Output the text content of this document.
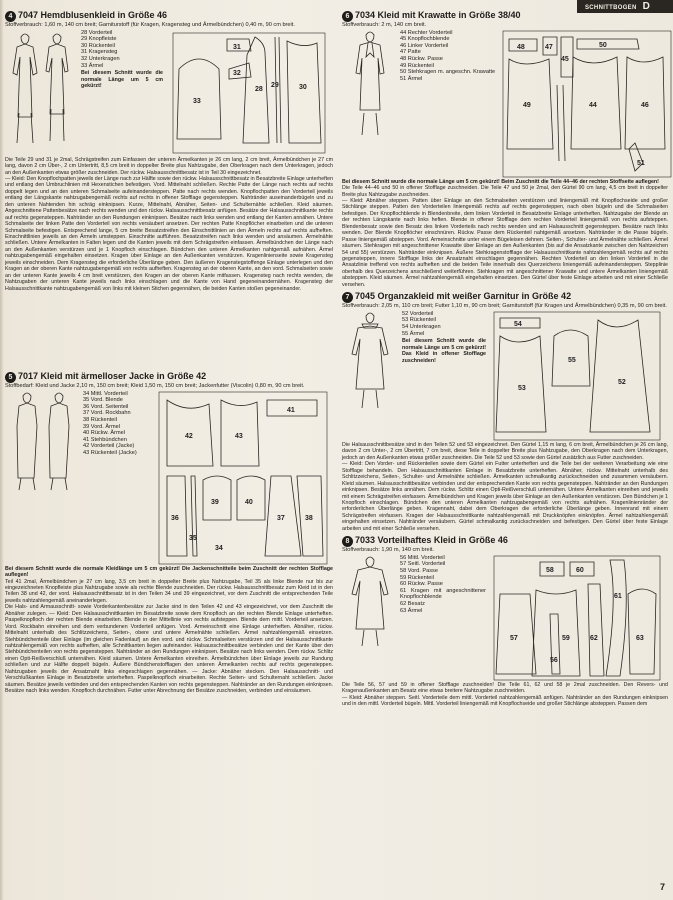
SCHNITTBOGEN D
4 7047 Hemdblusenkleid in Größe 46
Stoffverbrauch: 1,60 m, 140 cm breit; Garniturstoff (für Kragen, Kragensteg und Ärmelbündchen) 0,40 m, 90 cm breit.
28 Vorderteil
29 Knopfleiste
30 Rückenteil
31 Kragensteg
32 Unterkragen
33 Ärmel
Bei diesem Schnitt wurde die normale Länge um 5 cm gekürzt!
33
31
28
29	30
32
Die Teile 29 und 31 je 2mal, Schrägstreifen zum Einfassen der unteren Ärmelkanten je 26 cm lang, 2 cm breit, Ärmelbündchen je 27 cm lang, davon 2 cm Über-, 2 cm Untertritt, 8,5 cm breit in doppelter Breite plus Nahtzugabe, den Oberkragen nach dem Unterkragen, jedoch an den Außenkanten etwas größer zuschneiden. Der rückw. Halsausschnittbesatz ist in Teil 30 eingezeichnet.
— Kleid: Den Knopflochpatten jeweils der Länge nach zur Hälfte sowie den rückw. Halsausschnittbesatz in Besatzbreite Einlage unterheften und entlang den Umbruchlinien mit Hexenstichen befestigen. Vord. Mittelnaht schließen. Rechte Patte der Länge nach rechts auf rechts doppelt legen und an den unteren Schmalseite aufeinandersteppen. Patte nach rechts wenden. Knopflochpatten den Vorderteil jeweils entlang der Längskante nahtzugabengemäß rechts auf rechts in offener Stofflage gegensteppen. Nahtränder auseinanderbügeln und zu den unteren Nahtenden hin schräg einknipsen. Kurze, Mittelnaht, Abnäher, Seiten- und Schulternähte schließen. Kleid säumen. Angeschnittene Pattenbesätze nach rechts wenden und den rückw. Halsausschnittbesatz anfügen. Besätze der Halsausschnittkante rechts auf rechts gegensteppen. Nahtränder an den Rundungen einknipsen. Besätze nach links wenden und entlang der Kanten annähen. Untere Schmalseite der linken Patte den Vorderteil von rechts versäubert ansetzen. Der rechten Patte Knopflöcher einarbeiten und die unteren Schmalseite befestigen. Entsprechend lange, 5 cm breite Besatzstreifen den Einschnittlinien an den Ärmeln rechts auf rechts aufheften. Einschnittlinien jeweils an den Ärmeln umsteppen. Einschnitte aufführen. Besatzstreifen nach links wenden und ansäumen. Ärmelnähte schließen. Untere Ärmelkanten in Falten legen und die Kanten jeweils mit dem Schrägstreifen einfassen. Ärmelbündchen der Länge nach an den Außenkanten verstürzen und je 1 Knopfloch einschlagen. Bündchen den unteren Ärmelkanten nahtgemäß aufnähen. Ärmel nahtzugabengemäß eingehalten einsetzen. Kragen über Einlage an den Außenkanten verstürzen. Kragenlinienseite sowie Kragensteg jeweils einschneiden. Dem Kragensteg die erforderliche Überlänge geben. Den äußeren Kragenstegstoffenge Einlage unterlegen und den Kragen an der oberen Kante nahtzugabengemäß von rechts aufheften. Kragensteg an der oberen Kante, an den vord. Schmalseiten sowie an der unteren Kante jeweils 4 cm breit verstürzen, den Kragen an der oberen Kante mitfassen. Kragensteg nach rechts wenden, die Nahtzugaben der unteren Kante jeweils nach links einschlagen und die Kante von Hand gegeneinandernähen. Kragensteg der Halsausschnittkante nahtzugabengemäß von links mit kleinen Stichen gegennähen, die beiden Kanten stoßen gegeneinander.
5 7017 Kleid mit ärmelloser Jacke in Größe 42
Stoffbedarf: Kleid und Jacke 2,10 m, 150 cm breit; Kleid 1,50 m, 150 cm breit; Jackenfutter (Viscolin) 0,80 m, 90 cm breit.
34 Mittl. Vorderteil
35 Vord. Blende
36 Vord. Seitenteil
37 Vord. Rockbahn
38 Rückenteil
39 Vord. Ärmel
40 Rückw. Ärmel
41 Stehbündchen
42 Vorderteil (Jacke)
43 Rückenteil (Jacke)
42	43
41
36
35
39	40
37	38
34
Bei diesem Schnitt wurde die normale Kleidlänge um 5 cm gekürzt! Die Jackenschnitteile beim Zuschnitt der rechten Stofflage auflegen!
Teil 41 2mal, Ärmelbündchen je 27 cm lang, 3,5 cm breit in doppelter Breite plus Nahtzugabe, Teil 35 als linke Blende nur bis zur eingezeichneten Knopfleiste plus Nahtzugabe sowie als rechte Blende zuschneiden. Der rückw. Halsausschnittbesatz zum Kleid ist in den Teilen 38 und 42, der vord. Halsausschnittbesatz ist in den Teilen 34 und 39 eingezeichnet, vor dem Zuschnitt die entsprechenden Teile jeweils nahtzahlengemäß aneinanderlegen.
Die Hals- und Armausschnitt- sowie Vorderkantenbesätze zur Jacke sind in den Teilen 42 und 43 eingezeichnet, vor dem Zuschnitt die Abnäher zulegen. — Kleid: Den Halsausschnittkanten im Besatzbreite sowie dem Knopfloch an der rechten Blende Einlage unterheften. Paspelknopfloch der rechten Blende einarbeiten. Blende in der Mittellinie von rechts aufsteppen. Blende dem mittl. Vorderteil ansetzen. Vord. Rockbahn einreihen und dem verbundenen Vorderteil anfügen. Vord. Armeinschnitt eine Einlage unterheften. Abnäher, rückw. Mittelnaht unterhalb des Schlitzzeichens, Seiten-, obere und untere Ärmelnähte schließen. Ärmel nahtzahlengemäß einsetzen. Stehbündchenteile über Einlage (im gleichen Fadenlauf) an den vord. und rückw. Schmalseiten verstürzen und der Halsausschnittkante nahtzahlengemäß von rechts aufheften, alle Schnittkanten liegen aufeinander. Halsausschnittbesätze verbinden und der Kante über den Stehbündchenteilen von rechts gegensteppen. Nahtränder an den Rundungen einknipsen. Besätze nach links wenden. Dem rückw. Schlitz einen Opti-Reißverschluß unternähen. Kleid säumen. Untere Ärmelkanten einreihen. Ärmelbündchen über Einlage jeweils zur Rundung schließen und zur Hälfte doppelt bügeln. Äußere Bündchenstofflagen den unteren Ärmelkanten rechts auf rechts gegensteppen. Nahtzugaben jeweils der Ansatznaht links eingeschlagen gegennähen. — Jacke: Abnäher stecken. Den Halsausschnitt- und Verschlußkanten Einlage in Besatzbreite unterheften. Paspelknopfloch einarbeiten. Rechte Seiten- und Schulternaht schließen. Jacke säumen. Besätze jeweils verbinden und den entsprechenden Kanten von rechts gegensteppen. Nahtränder an den Rundungen einknipsen. Besätze nach links wenden. Knopfloch durchnähen. Futter unter Abrechnung der Besätze zuschneiden, verbinden und einsäumen.
6 7034 Kleid mit Krawatte in Größe 38/40
Stoffverbrauch: 2 m, 140 cm breit.
44 Rechter Vorderteil
45 Knopflochblende
46 Linker Vorderteil
47 Patte
48 Rückw. Passe
49 Rückenteil
50 Stehkragen m. angeschn. Krawatte
51 Ärmel
48	47
45
50
49	44	46
51
Bei diesem Schnitt wurde die normale Länge um 5 cm gekürzt! Beim Zuschnitt die Teile 44–46 der rechten Stoffseite auflegen!
Die Teile 44–46 und 50 in offener Stofflage zuschneiden. Die Teile 47 und 50 je 2mal, den Gürtel 90 cm lang, 4,5 cm breit in doppelter Breite plus Nahtzugabe zuschneiden.
— Kleid: Abnäher steppen. Patten über Einlage an den Schmalseiten verstürzen und liniengemäß mit Knopflochseide und großer Stichlänge steppen. Patten den Vorderteilen liniengemäß rechts auf rechts gegensteppen, nach oben bügeln und die Schmalseiten befestigen. Der Knopflochblende in Blendenbreite, dem linken Vorderteil in Besatzbreite Einlage unterheften. Nahtzugabe der Blende an der rechten Längskante nach links heften. Blende in offener Stofflage dem rechten Vorderteil liniengemäß von rechts aufsteppen. Blendenbesatz sowie den Besatz des linken Vorderteils nach rechts wenden und am Halsausschnitt gegensteppen. Besätze nach links wenden. Der Blende Knopflöcher einschnüren. Rückw. Passe dem Rückenteil nahtgemäß ansetzen. Nahtränder in die Passe bügeln. Passe liniengemäß absteppen. Vord. Armeinschnitte unter einem Bügeleisen dehnen. Seiten-, Schulter- und Ärmelnähte schließen. Ärmel säumen. Stehkragen mit angeschnittener Krawatte über Einlage an den Außenkanten (bis auf die Ansatzkante zwischen den Nahtzeichen 54 und 55) verstürzen. Nahtränder einknipsen. Äußere Stehkragenstofflage der Halsausschnittkante nahtzahlengemäß rechts auf rechts gegensteppen, innere Stofflage links der Ansatznaht einschlagen gegennähen. Rechten Vorderteil an den linken Vorderteil in die Ansatzlinie treffend von rechts aufheften und die beiden Teile innerhalb des Querzeichens liniengemäß aufeinandersteppen. Stepplinie oberhalb des Querzeichens anschließend weiterführen. Stehkragen mit angeschnittener Krawatte und untere Ärmelkanten liniengemäß absteppen. Kleid säumen. Ärmel nahtzahlengemäß eingehalten einsetzen. Den Gürtel über feste Einlage arbeiten und mit einer Schließe versehen.
7 7045 Organzakleid mit weißer Garnitur in Größe 42
Stoffverbrauch: 2,05 m, 110 cm breit; Futter 1,10 m, 90 cm breit; Garniturstoff (für Kragen und Ärmelbündchen) 0,35 m, 90 cm breit.
52 Vorderteil
53 Rückenteil
54 Unterkragen
55 Ärmel
Bei diesem Schnitt wurde die normale Länge um 5 cm gekürzt! Das Kleid in offener Stofflage zuschneiden!
54
53
55
52
Die Halsausschnittbesätze sind in den Teilen 52 und 53 eingezeichnet. Den Gürtel 1,15 m lang, 6 cm breit, Ärmelbündchen je 26 cm lang, davon 2 cm Unter-, 2 cm Übertritt, 7 cm breit, diese Teile in doppelter Breite plus Nahtzugabe, den Oberkragen nach dem Unterkragen, jedoch an den Außenkanten etwas größer zuschneiden. Die Teile 52 und 53 sowie den Gürtel zusätzlich aus Futter zuschneiden.
— Kleid: Den Vorder- und Rückenteilen sowie dem Gürtel ein Futter unterheften und die Teile bei der weiteren Verarbeitung wie eine Stofflage behandeln. Den Halsausschnittkanten Einlage in Besatzbreite unterheften. Abnäher, rückw. Mittelnaht unterhalb des Schlitzzeichens, Seiten-, Schulter- und Ärmelnähte schließen. Ärmelkanten schmalkantig zurückschneiden und zusammen versäubern. Kleid säumen. Halsausschnittbesätze verbinden und der entsprechenden Kante von rechts gegensteppen. Nahtränder an den Rundungen einknipsen. Besätze links annähen. Dem rückw. Schlitz einen Opti-Reißverschluß unternähen. Untere Ärmelkanten einreihen und jeweils mit einem Schrägstreifen einfassen. Ärmelbündchen und Kragen jeweils über Einlage an den Außenkanten verstürzen. Den Bündchen je 1 Knopfloch einschlagen. Bündchen den unteren Ärmelkanten nahtzugabengemäß von rechts aufnähen. Kragenlinienränder der erforderlichen Überlänge geben. Kragennaht, dabei dem Oberkragen die erforderliche Überlänge geben. Innenrand mit einem Schrägstreifen einfassen. Kragen der Halsausschnittkante nahtzahlengemäß mit Druckknöpfen einknöpfen. Ärmel nahtzahlengemäß eingehalten einsetzen. Nahtränder versäubern. Gürtel schmalkantig zurückschneiden und befestigen. Den Gürtel über feste Einlage arbeiten und mit einer Schließe versehen.
8 7033 Vorteilhaftes Kleid in Größe 46
Stoffverbrauch: 1,90 m, 140 cm breit.
56 Mittl. Vorderteil
57 Seitl. Vorderteil
58 Vord. Passe
59 Rückenteil
60 Rückw. Passe
61 Kragen mit angeschnittener Knopflochblende
62 Besatz
63 Ärmel
58	60
61
57	59	62
56
63
Die Teile 56, 57 und 59 in offener Stofflage zuschneiden! Die Teile 61, 62 und 58 je 2mal zuschneiden. Den Revers- und Kragenaußenkanten am Besatz eine etwas breitere Nahtzugabe zuschneiden.
— Kleid: Abnäher steppen. Seitl. Vorderteile dem mittl. Vorderteil nahtzahlengemäß anfügen. Nahtränder an den Rundungen einknipsen und in den mittl. Vorderteil bügeln. Mittl. Vorderteil liniengemäß mit Knopflochseide und großer Stichlänge absteppen. Passen dem
7
